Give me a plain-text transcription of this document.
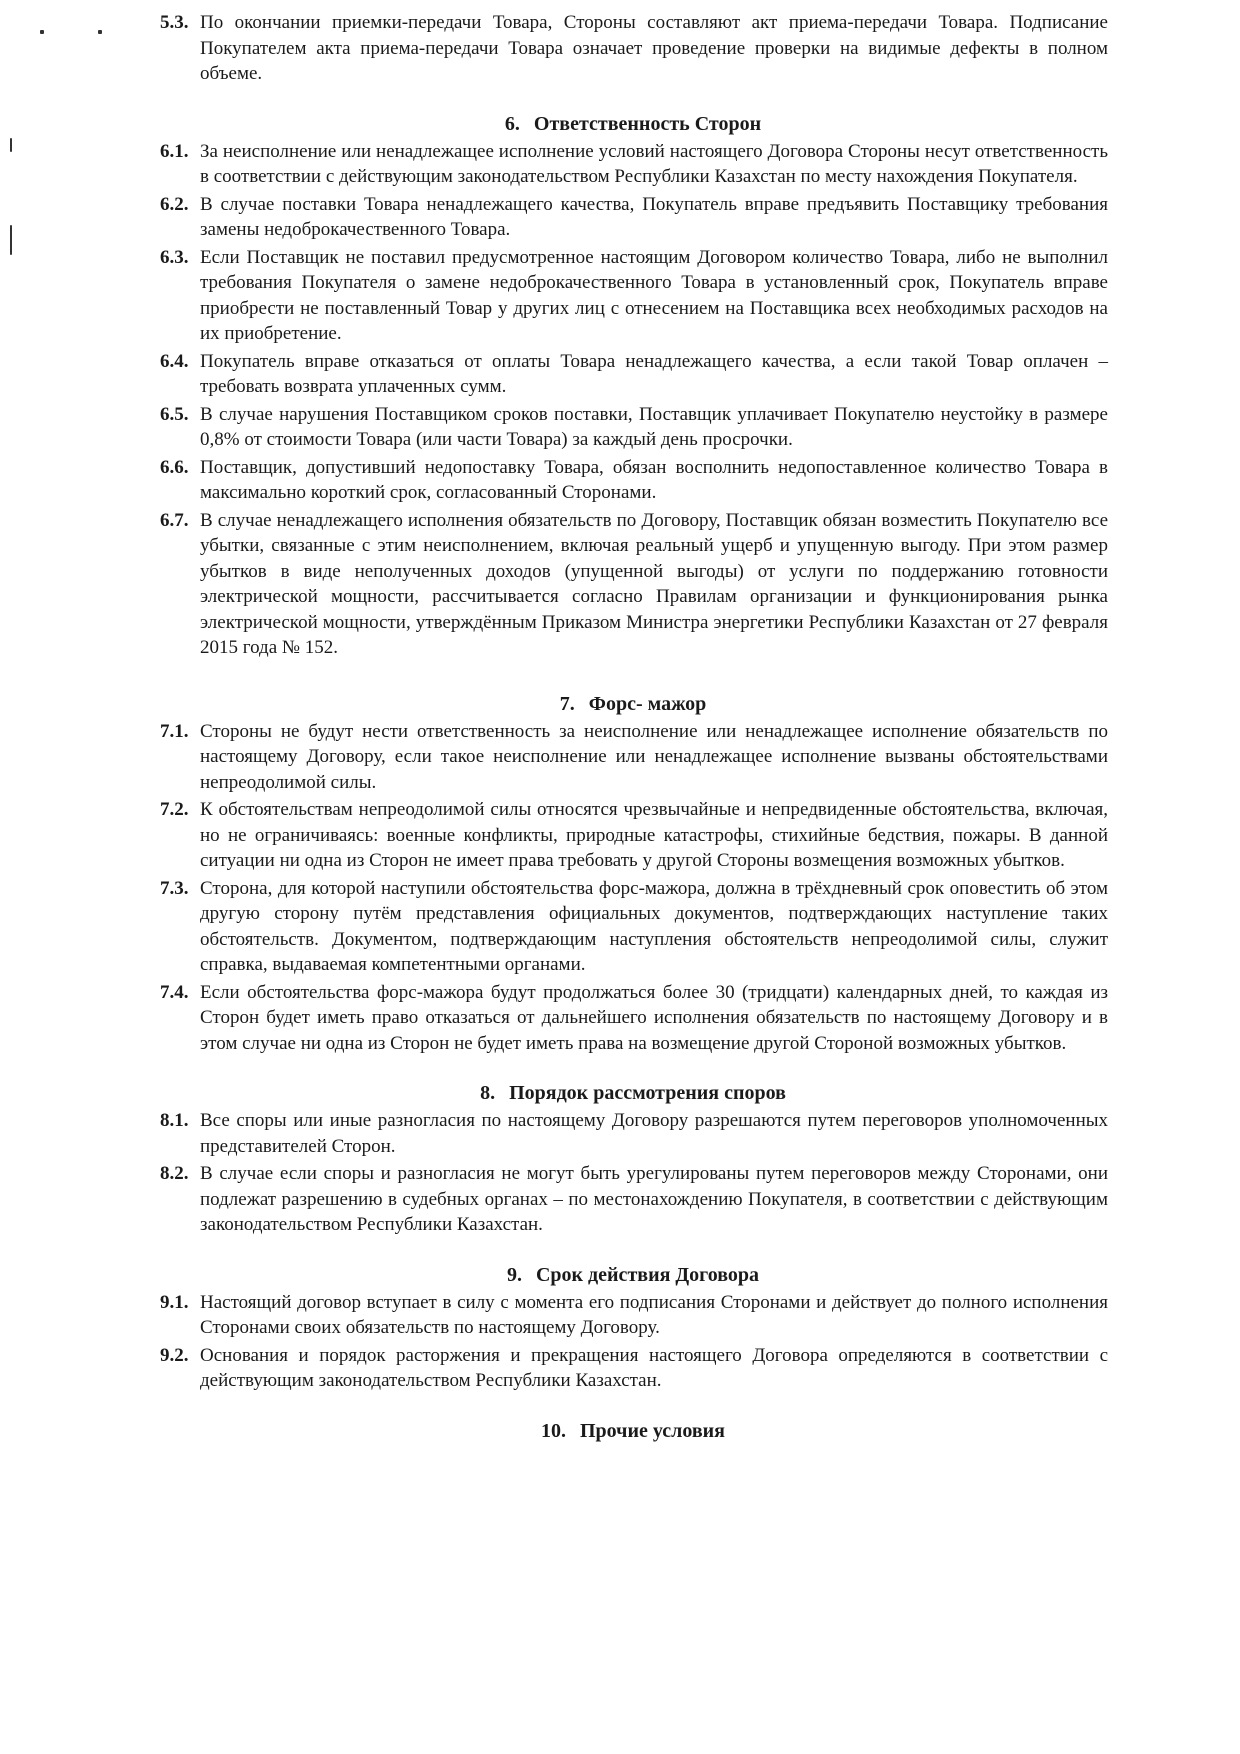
5.3. По окончании приемки-передачи Товара, Стороны составляют акт приема-передачи Товара. Подписание Покупателем акта приема-передачи Товара означает проведение проверки на видимые дефекты в полном объеме.
6. Ответственность Сторон
6.1. За неисполнение или ненадлежащее исполнение условий настоящего Договора Стороны несут ответственность в соответствии с действующим законодательством Республики Казахстан по месту нахождения Покупателя.
6.2. В случае поставки Товара ненадлежащего качества, Покупатель вправе предъявить Поставщику требования замены недоброкачественного Товара.
6.3. Если Поставщик не поставил предусмотренное настоящим Договором количество Товара, либо не выполнил требования Покупателя о замене недоброкачественного Товара в установленный срок, Покупатель вправе приобрести не поставленный Товар у других лиц с отнесением на Поставщика всех необходимых расходов на их приобретение.
6.4. Покупатель вправе отказаться от оплаты Товара ненадлежащего качества, а если такой Товар оплачен – требовать возврата уплаченных сумм.
6.5. В случае нарушения Поставщиком сроков поставки, Поставщик уплачивает Покупателю неустойку в размере 0,8% от стоимости Товара (или части Товара) за каждый день просрочки.
6.6. Поставщик, допустивший недопоставку Товара, обязан восполнить недопоставленное количество Товара в максимально короткий срок, согласованный Сторонами.
6.7. В случае ненадлежащего исполнения обязательств по Договору, Поставщик обязан возместить Покупателю все убытки, связанные с этим неисполнением, включая реальный ущерб и упущенную выгоду. При этом размер убытков в виде неполученных доходов (упущенной выгоды) от услуги по поддержанию готовности электрической мощности, рассчитывается согласно Правилам организации и функционирования рынка электрической мощности, утверждённым Приказом Министра энергетики Республики Казахстан от 27 февраля 2015 года № 152.
7. Форс- мажор
7.1. Стороны не будут нести ответственность за неисполнение или ненадлежащее исполнение обязательств по настоящему Договору, если такое неисполнение или ненадлежащее исполнение вызваны обстоятельствами непреодолимой силы.
7.2. К обстоятельствам непреодолимой силы относятся чрезвычайные и непредвиденные обстоятельства, включая, но не ограничиваясь: военные конфликты, природные катастрофы, стихийные бедствия, пожары. В данной ситуации ни одна из Сторон не имеет права требовать у другой Стороны возмещения возможных убытков.
7.3. Сторона, для которой наступили обстоятельства форс-мажора, должна в трёхдневный срок оповестить об этом другую сторону путём представления официальных документов, подтверждающих наступление таких обстоятельств. Документом, подтверждающим наступления обстоятельств непреодолимой силы, служит справка, выдаваемая компетентными органами.
7.4. Если обстоятельства форс-мажора будут продолжаться более 30 (тридцати) календарных дней, то каждая из Сторон будет иметь право отказаться от дальнейшего исполнения обязательств по настоящему Договору и в этом случае ни одна из Сторон не будет иметь права на возмещение другой Стороной возможных убытков.
8. Порядок рассмотрения споров
8.1. Все споры или иные разногласия по настоящему Договору разрешаются путем переговоров уполномоченных представителей Сторон.
8.2. В случае если споры и разногласия не могут быть урегулированы путем переговоров между Сторонами, они подлежат разрешению в судебных органах – по местонахождению Покупателя, в соответствии с действующим законодательством Республики Казахстан.
9. Срок действия Договора
9.1. Настоящий договор вступает в силу с момента его подписания Сторонами и действует до полного исполнения Сторонами своих обязательств по настоящему Договору.
9.2. Основания и порядок расторжения и прекращения настоящего Договора определяются в соответствии с действующим законодательством Республики Казахстан.
10. Прочие условия
